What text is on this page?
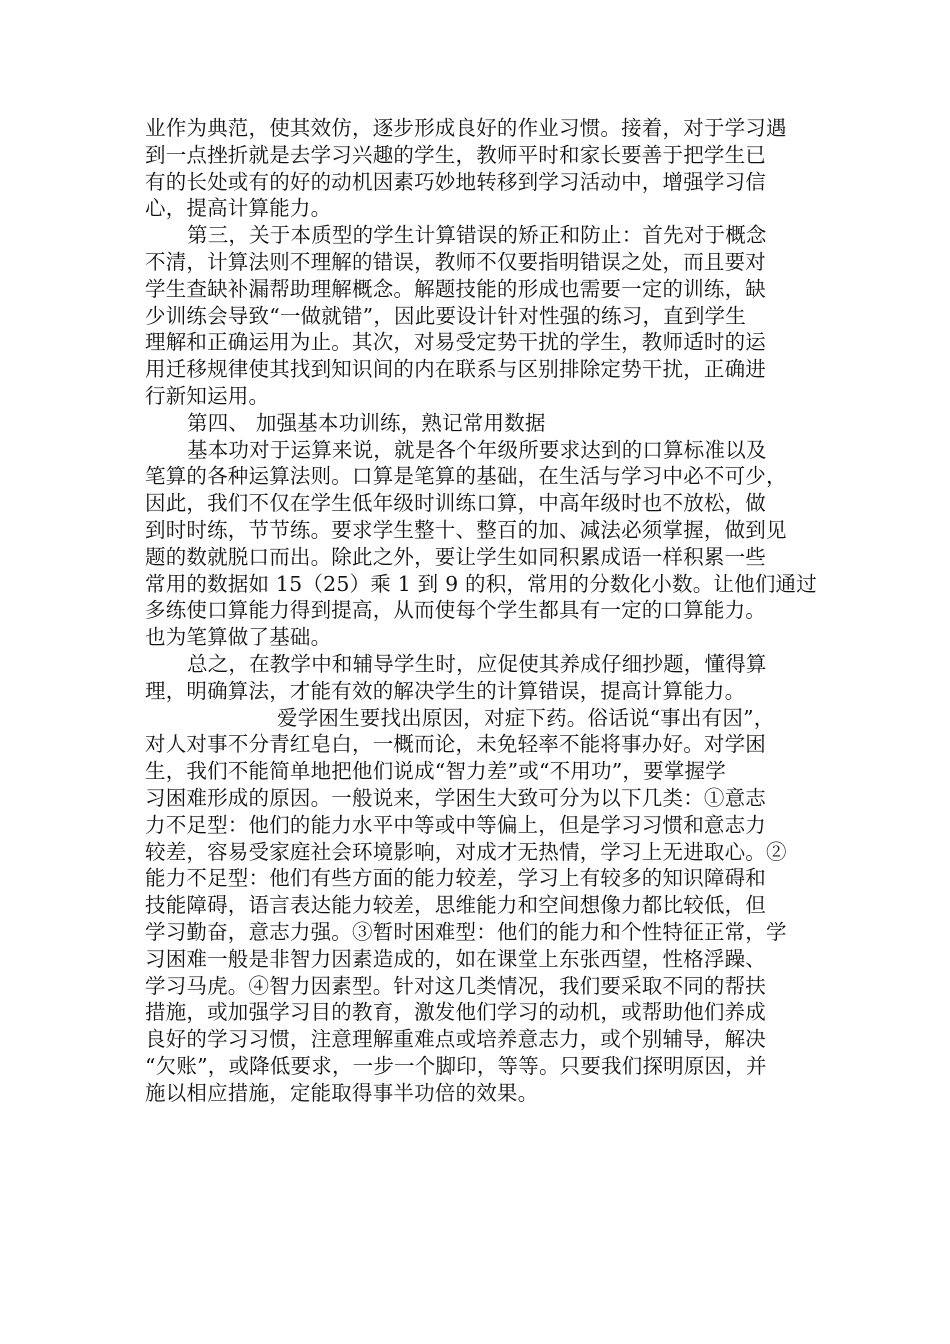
业作为典范，使其效仿，逐步形成良好的作业习惯。接着，对于学习遇
到一点挫折就是去学习兴趣的学生，教师平时和家长要善于把学生已
有的长处或有的好的动机因素巧妙地转移到学习活动中，增强学习信
心，提高计算能力。
第三，关于本质型的学生计算错误的矫正和防止：首先对于概念
不清，计算法则不理解的错误，教师不仅要指明错误之处，而且要对
学生查缺补漏帮助理解概念。解题技能的形成也需要一定的训练，缺
少训练会导致“一做就错”，因此要设计针对性强的练习，直到学生
理解和正确运用为止。其次，对易受定势干扰的学生，教师适时的运
用迁移规律使其找到知识间的内在联系与区别排除定势干扰，正确进
行新知运用。
第四、 加强基本功训练，熟记常用数据
基本功对于运算来说，就是各个年级所要求达到的口算标准以及
笔算的各种运算法则。口算是笔算的基础，在生活与学习中必不可少，
因此，我们不仅在学生低年级时训练口算，中高年级时也不放松，做
到时时练，节节练。要求学生整十、整百的加、减法必须掌握，做到见
题的数就脱口而出。除此之外，要让学生如同积累成语一样积累一些
常用的数据如 15（25）乘 1 到 9 的积，常用的分数化小数。让他们通过
多练使口算能力得到提高，从而使每个学生都具有一定的口算能力。
也为笔算做了基础。
总之，在教学中和辅导学生时，应促使其养成仔细抄题，懂得算
理，明确算法，才能有效的解决学生的计算错误，提高计算能力。
爱学困生要找出原因，对症下药。俗话说“事出有因”，
对人对事不分青红皂白，一概而论，未免轻率不能将事办好。对学困
生，我们不能简单地把他们说成“智力差”或“不用功”，要掌握学
习困难形成的原因。一般说来，学困生大致可分为以下几类：①意志
力不足型：他们的能力水平中等或中等偏上，但是学习习惯和意志力
较差，容易受家庭社会环境影响，对成才无热情，学习上无进取心。②
能力不足型：他们有些方面的能力较差，学习上有较多的知识障碍和
技能障碍，语言表达能力较差，思维能力和空间想像力都比较低，但
学习勤奋，意志力强。③暂时困难型：他们的能力和个性特征正常，学
习困难一般是非智力因素造成的，如在课堂上东张西望，性格浮躁、
学习马虎。④智力因素型。针对这几类情况，我们要采取不同的帮扶
措施，或加强学习目的教育，激发他们学习的动机，或帮助他们养成
良好的学习习惯，注意理解重难点或培养意志力，或个别辅导，解决
“欠账”，或降低要求，一步一个脚印，等等。只要我们探明原因，并
施以相应措施，定能取得事半功倍的效果。
